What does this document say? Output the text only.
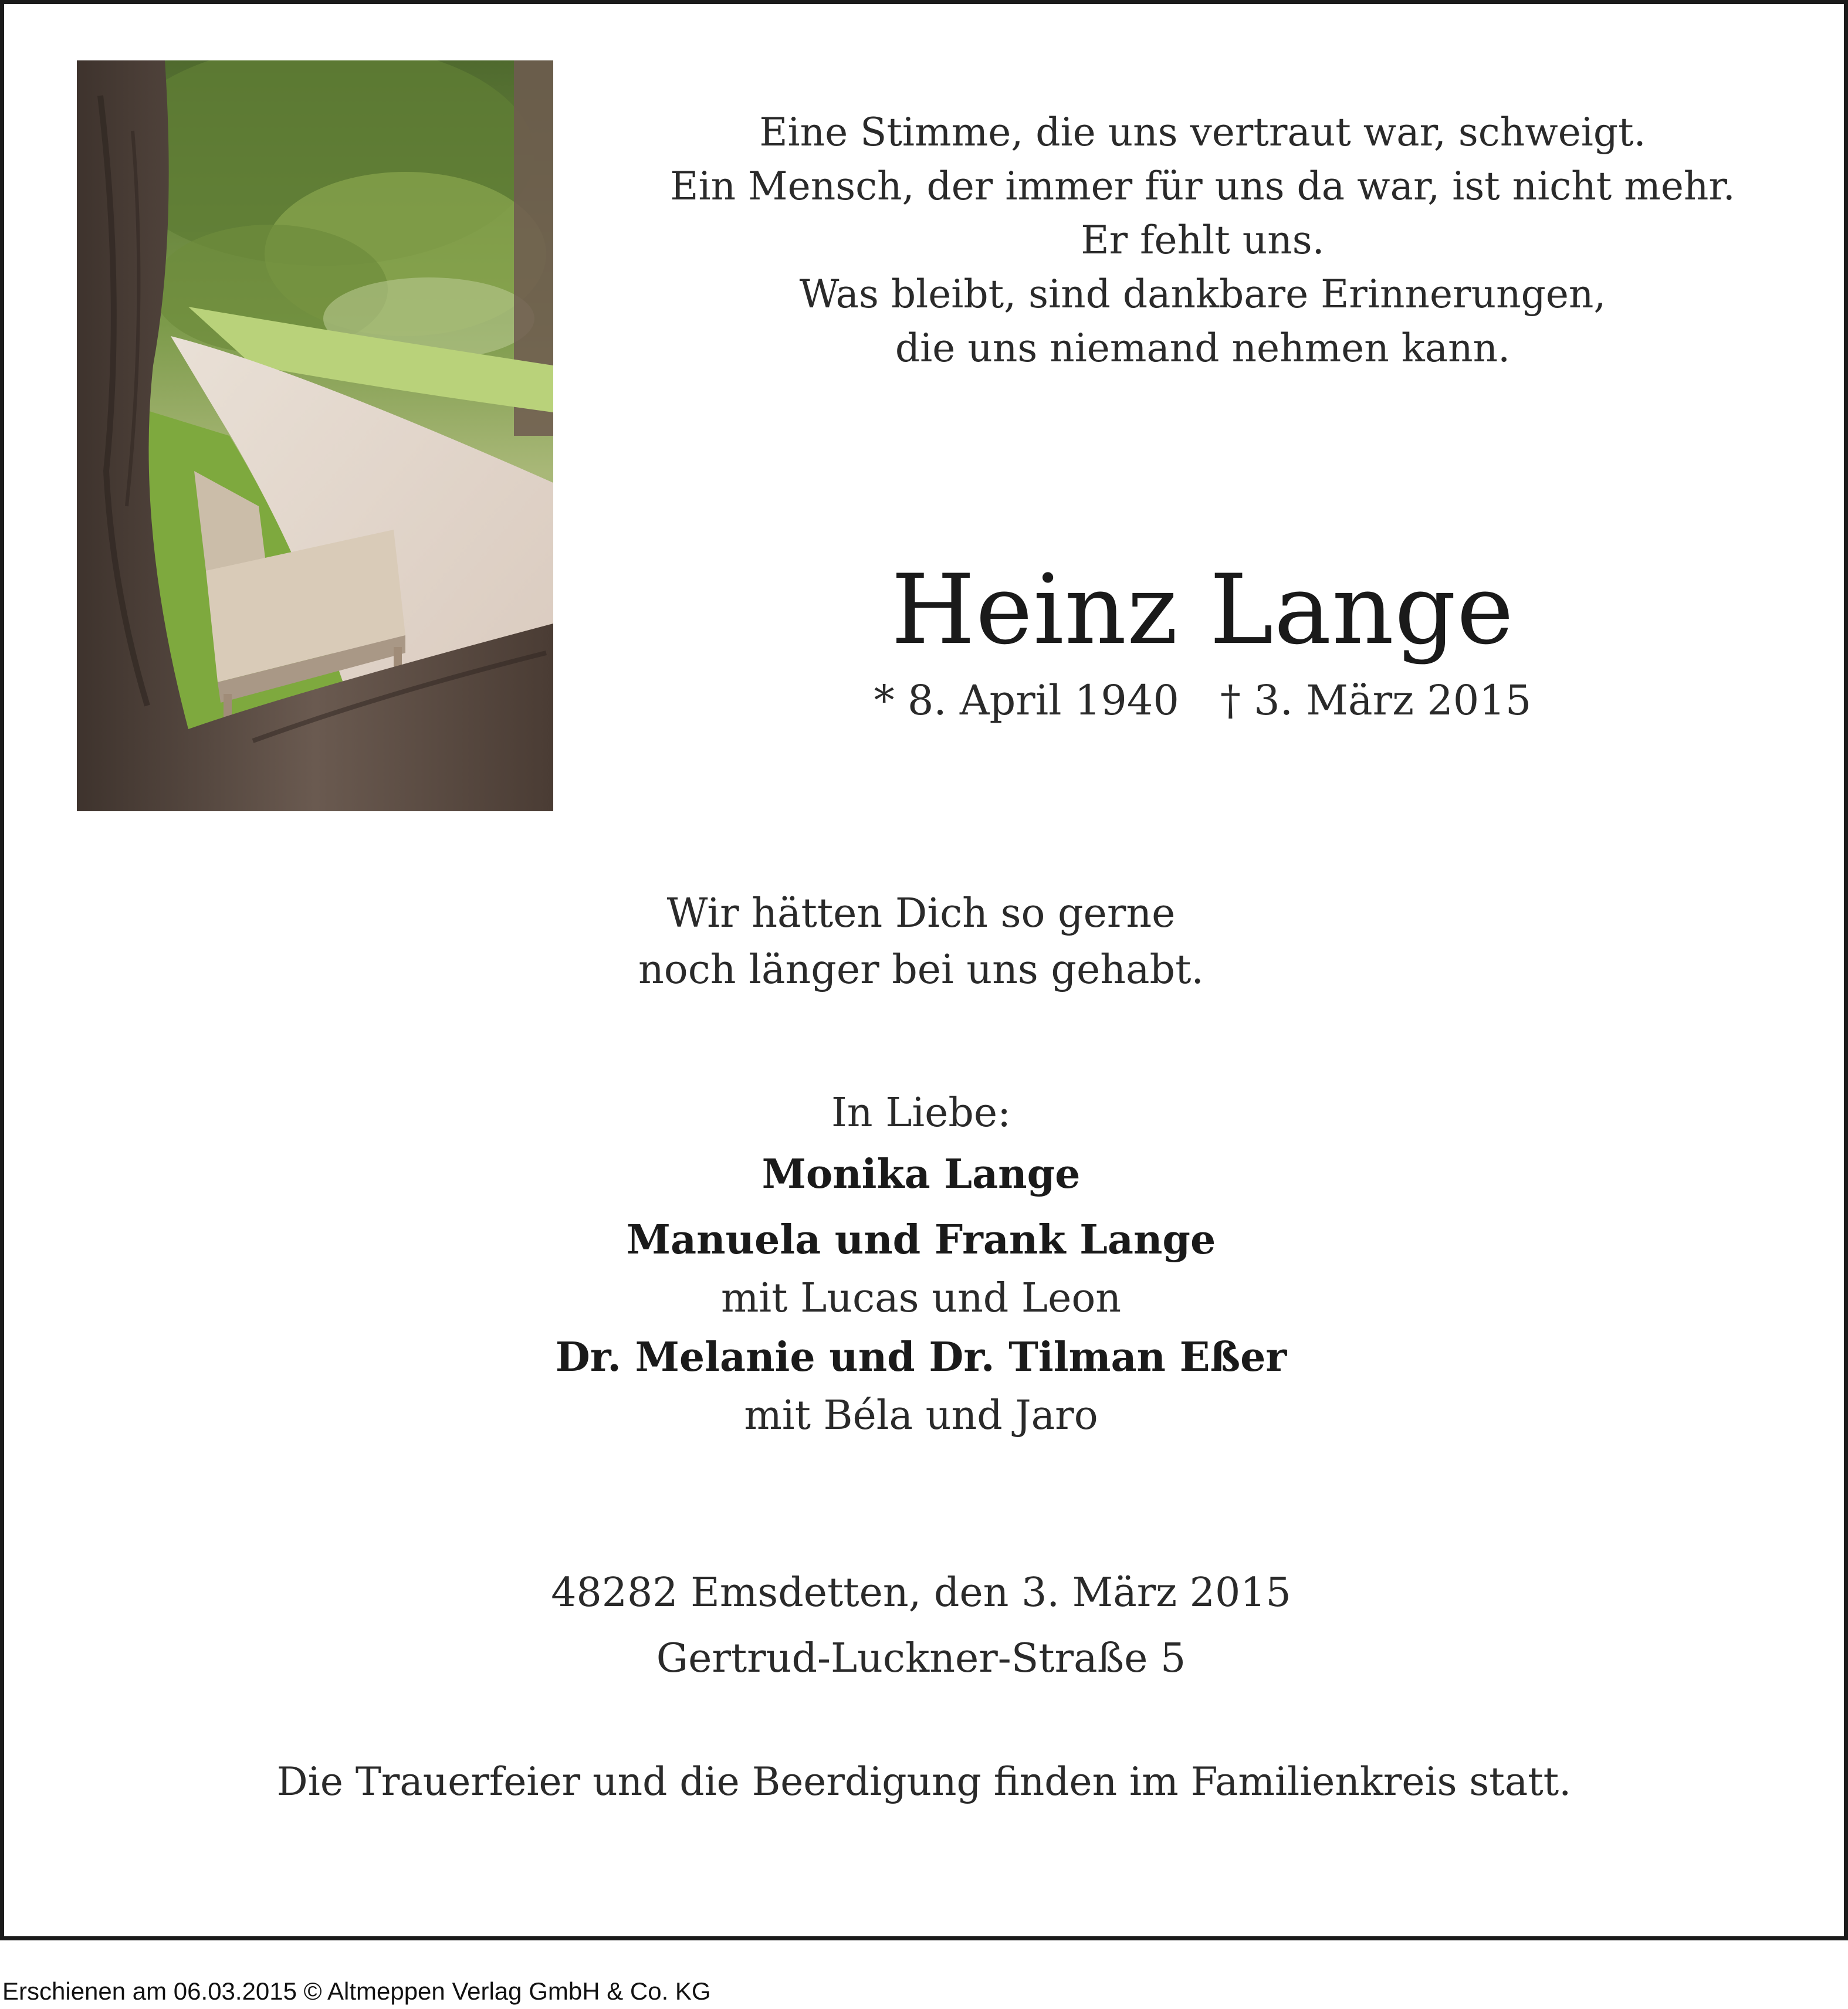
Eine Stimme, die uns vertraut war, schweigt.
Ein Mensch, der immer für uns da war, ist nicht mehr.
Er fehlt uns.
Was bleibt, sind dankbare Erinnerungen,
die uns niemand nehmen kann.
Heinz Lange
* 8. April 1940 † 3. März 2015
Wir hätten Dich so gerne
noch länger bei uns gehabt.
In Liebe:
Monika Lange
Manuela und Frank Lange
mit Lucas und Leon
Dr. Melanie und Dr. Tilman Eßer
mit Béla und Jaro
48282 Emsdetten, den 3. März 2015
Gertrud-Luckner-Straße 5
Die Trauerfeier und die Beerdigung finden im Familienkreis statt.
Erschienen am 06.03.2015 © Altmeppen Verlag GmbH & Co. KG
